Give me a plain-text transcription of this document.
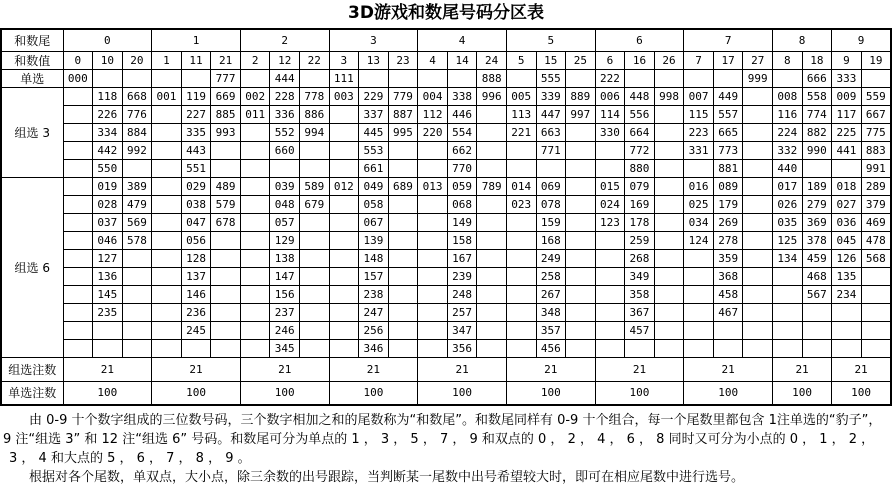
3D游戏和数尾号码分区表
和数尾	0			1			2			3			4			5			6			7			8		9	
和数值	0	10	20	1	11	21	2	12	22	3	13	23	4	14	24	5	15	25	6	16	26	7	17	27	8	18	9	19
单选	000					777		444		111					888		555		222					999		666	333	
组选 3		118	668	001	119	669	002	228	778	003	229	779	004	338	996	005	339	889	006	448	998	007	449		008	558	009	559
		226	776		227	885	011	336	886		337	887	112	446		113	447	997	114	556		115	557		116	774	117	667
		334	884		335	993		552	994		445	995	220	554		221	663		330	664		223	665		224	882	225	775
		442	992		443			660			553			662			771			772		331	773		332	990	441	883
		550			551						661			770						880			881		440			991
组选 6		019	389		029	489		039	589	012	049	689	013	059	789	014	069		015	079		016	089		017	189	018	289
		028	479		038	579		048	679		058			068		023	078		024	169		025	179		026	279	027	379
		037	569		047	678		057			067			149			159		123	178		034	269		035	369	036	469
		046	578		056			129			139			158			168			259		124	278		125	378	045	478
		127			128			138			148			167			249			268			359		134	459	126	568
		136			137			147			157			239			258			349			368			468	135	
		145			146			156			238			248			267			358			458			567	234	
		235			236			237			247			257			348			367			467					
					245			246			256			347			357			457								
								345			346			356			456											
组选注数	21			21			21			21			21			21			21			21			21		21	
单选注数	100			100			100			100			100			100			100			100			100		100	

由 0-9 十个数字组成的三位数号码，三个数字相加之和的尾数称为“和数尾”。和数尾同样有 0-9 十个组合，每一个尾数里都包含 1注单选的“豹子”，

9 注“组选 3” 和 12 注“组选 6” 号码。和数尾可分为单点的 1 ， 3 ， 5 ， 7 ， 9 和双点的 0 ， 2 ， 4 ， 6 ， 8 同时又可分为小点的 0 ， 1 ， 2 ，

3 ， 4 和大点的 5 ， 6 ， 7 ， 8 ， 9 。

根据对各个尾数，单双点，大小点，除三余数的出号跟踪，当判断某一尾数中出号希望较大时，即可在相应尾数中进行选号。
